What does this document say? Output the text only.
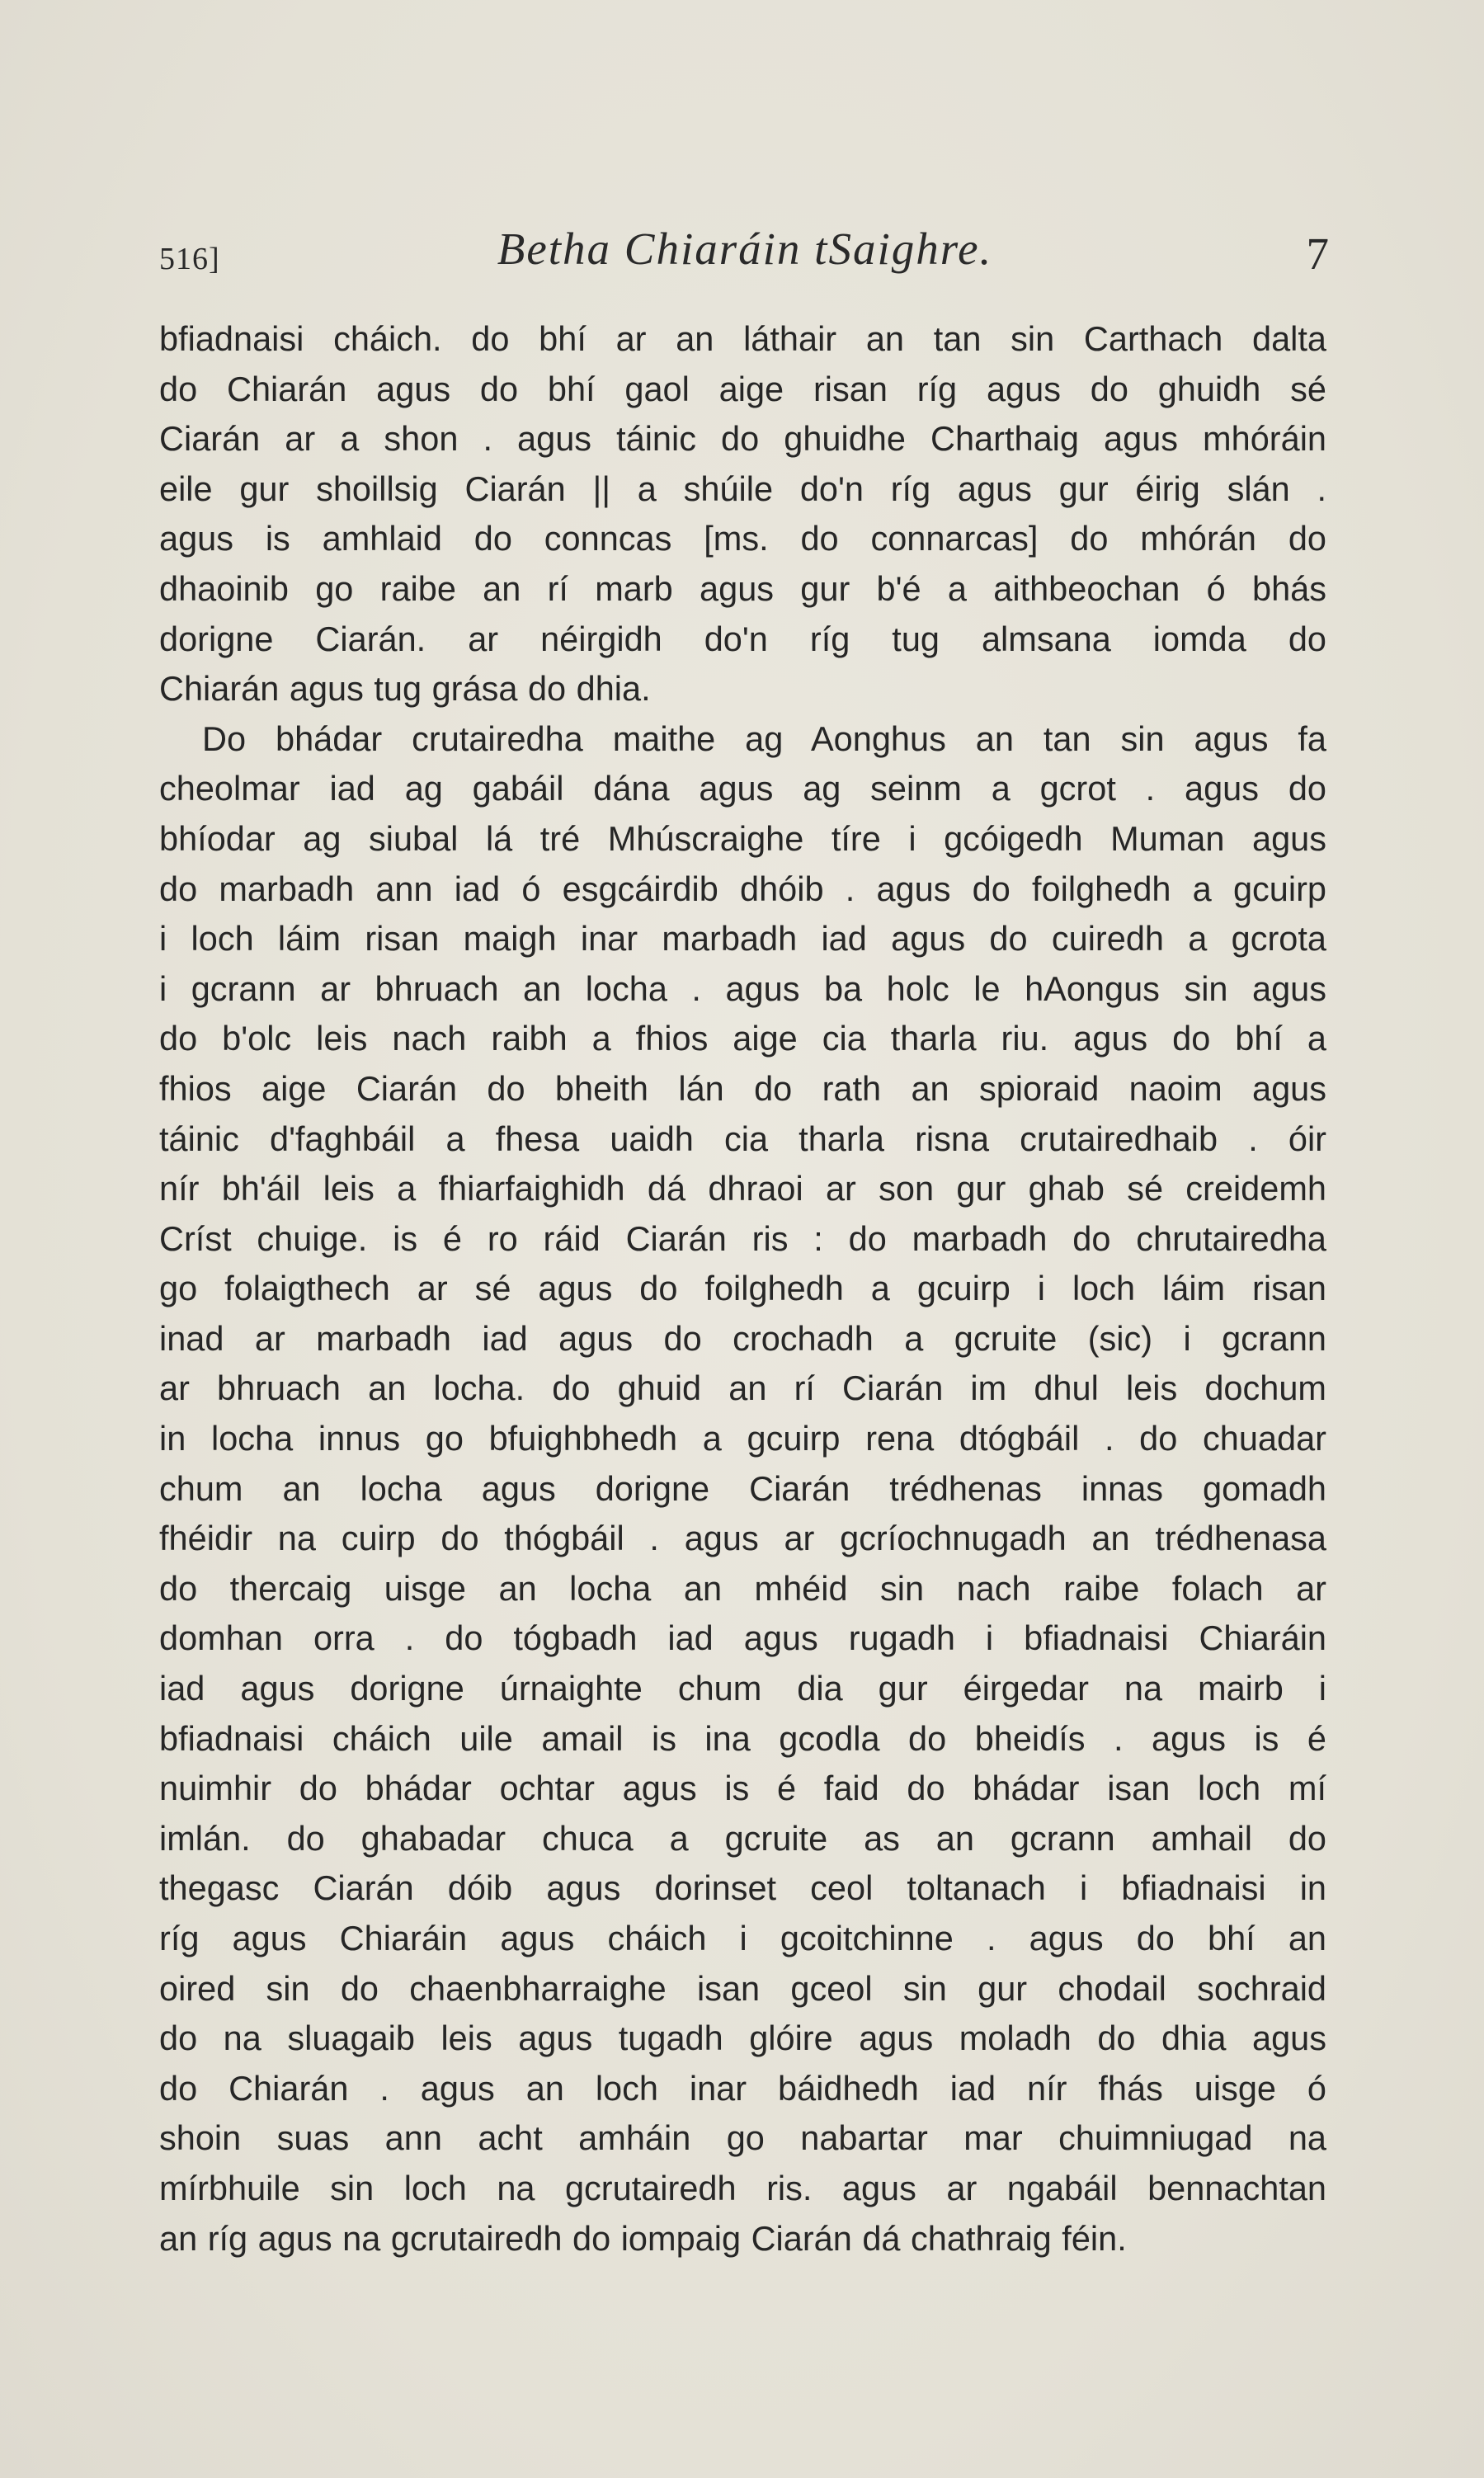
516]	Betha Chiaráin tSaighre.	7

bfiadnaisi cháich. do bhí ar an láthair an tan sin Carthach dalta
do Chiarán agus do bhí gaol aige risan ríg agus do ghuidh sé
Ciarán ar a shon . agus táinic do ghuidhe Charthaig agus mhóráin
eile gur shoillsig Ciarán || a shúile do'n ríg agus gur éirig slán .
agus is amhlaid do conncas [ms. do connarcas] do mhórán do
dhaoinib go raibe an rí marb agus gur b'é a aithbeochan ó bhás
dorigne Ciarán. ar néirgidh do'n ríg tug almsana iomda do
Chiarán agus tug grása do dhia.

Do bhádar crutairedha maithe ag Aonghus an tan sin agus fa
cheolmar iad ag gabáil dána agus ag seinm a gcrot . agus do
bhíodar ag siubal lá tré Mhúscraighe tíre i gcóigedh Muman agus
do marbadh ann iad ó esgcáirdib dhóib . agus do foilghedh a gcuirp
i loch láim risan maigh inar marbadh iad agus do cuiredh a gcrota
i gcrann ar bhruach an locha . agus ba holc le hAongus sin agus
do b'olc leis nach raibh a fhios aige cia tharla riu. agus do bhí a
fhios aige Ciarán do bheith lán do rath an spioraid naoim agus
táinic d'faghbáil a fhesa uaidh cia tharla risna crutairedhaib . óir
nír bh'áil leis a fhiarfaighidh dá dhraoi ar son gur ghab sé creidemh
Críst chuige. is é ro ráid Ciarán ris : do marbadh do chrutairedha
go folaigthech ar sé agus do foilghedh a gcuirp i loch láim risan
inad ar marbadh iad agus do crochadh a gcruite (sic) i gcrann
ar bhruach an locha. do ghuid an rí Ciarán im dhul leis dochum
in locha innus go bfuighbhedh a gcuirp rena dtógbáil . do chuadar
chum an locha agus dorigne Ciarán trédhenas innas gomadh
fhéidir na cuirp do thógbáil . agus ar gcríochnugadh an trédhenasa
do thercaig uisge an locha an mhéid sin nach raibe folach ar
domhan orra . do tógbadh iad agus rugadh i bfiadnaisi Chiaráin
iad agus dorigne úrnaighte chum dia gur éirgedar na mairb i
bfiadnaisi cháich uile amail is ina gcodla do bheidís . agus is é
nuimhir do bhádar ochtar agus is é faid do bhádar isan loch mí
imlán. do ghabadar chuca a gcruite as an gcrann amhail do
thegasc Ciarán dóib agus dorinset ceol toltanach i bfiadnaisi in
ríg agus Chiaráin agus cháich i gcoitchinne . agus do bhí an
oired sin do chaenbharraighe isan gceol sin gur chodail sochraid
do na sluagaib leis agus tugadh glóire agus moladh do dhia agus
do Chiarán . agus an loch inar báidhedh iad nír fhás uisge ó
shoin suas ann acht amháin go nabartar mar chuimniugad na
mírbhuile sin loch na gcrutairedh ris. agus ar ngabáil bennachtan
an ríg agus na gcrutairedh do iompaig Ciarán dá chathraig féin.
